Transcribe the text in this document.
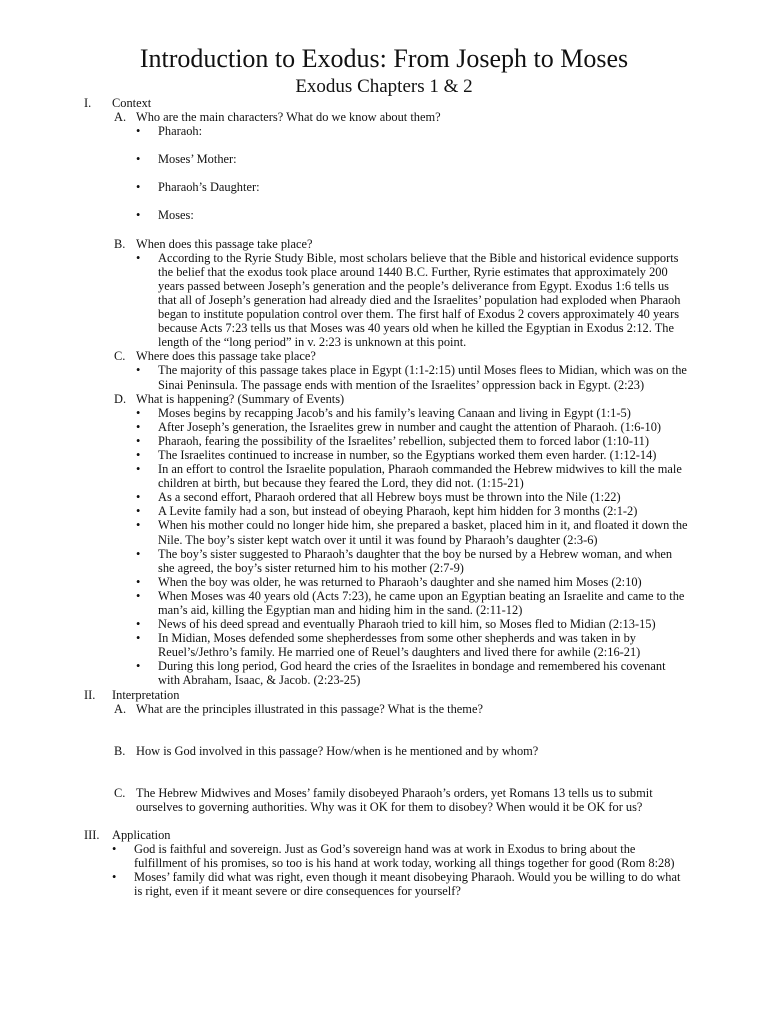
Introduction to Exodus: From Joseph to Moses
Exodus Chapters 1 & 2
I.	Context
A. Who are the main characters? What do we know about them?
• Pharaoh:
• Moses’ Mother:
• Pharaoh’s Daughter:
• Moses:
B. When does this passage take place?
• According to the Ryrie Study Bible, most scholars believe that the Bible and historical evidence supports the belief that the exodus took place around 1440 B.C. Further, Ryrie estimates that approximately 200 years passed between Joseph’s generation and the people’s deliverance from Egypt. Exodus 1:6 tells us that all of Joseph’s generation had already died and the Israelites’ population had exploded when Pharaoh began to institute population control over them. The first half of Exodus 2 covers approximately 40 years because Acts 7:23 tells us that Moses was 40 years old when he killed the Egyptian in Exodus 2:12. The length of the “long period” in v. 2:23 is unknown at this point.
C. Where does this passage take place?
• The majority of this passage takes place in Egypt (1:1-2:15) until Moses flees to Midian, which was on the Sinai Peninsula. The passage ends with mention of the Israelites’ oppression back in Egypt. (2:23)
D. What is happening? (Summary of Events)
• Moses begins by recapping Jacob’s and his family’s leaving Canaan and living in Egypt (1:1-5)
• After Joseph’s generation, the Israelites grew in number and caught the attention of Pharaoh. (1:6-10)
• Pharaoh, fearing the possibility of the Israelites’ rebellion, subjected them to forced labor (1:10-11)
• The Israelites continued to increase in number, so the Egyptians worked them even harder. (1:12-14)
• In an effort to control the Israelite population, Pharaoh commanded the Hebrew midwives to kill the male children at birth, but because they feared the Lord, they did not. (1:15-21)
• As a second effort, Pharaoh ordered that all Hebrew boys must be thrown into the Nile (1:22)
• A Levite family had a son, but instead of obeying Pharaoh, kept him hidden for 3 months (2:1-2)
• When his mother could no longer hide him, she prepared a basket, placed him in it, and floated it down the Nile. The boy’s sister kept watch over it until it was found by Pharaoh’s daughter (2:3-6)
• The boy’s sister suggested to Pharaoh’s daughter that the boy be nursed by a Hebrew woman, and when she agreed, the boy’s sister returned him to his mother (2:7-9)
• When the boy was older, he was returned to Pharaoh’s daughter and she named him Moses (2:10)
• When Moses was 40 years old (Acts 7:23), he came upon an Egyptian beating an Israelite and came to the man’s aid, killing the Egyptian man and hiding him in the sand. (2:11-12)
• News of his deed spread and eventually Pharaoh tried to kill him, so Moses fled to Midian (2:13-15)
• In Midian, Moses defended some shepherdesses from some other shepherds and was taken in by Reuel’s/Jethro’s family. He married one of Reuel’s daughters and lived there for awhile (2:16-21)
• During this long period, God heard the cries of the Israelites in bondage and remembered his covenant with Abraham, Isaac, & Jacob. (2:23-25)
II.	Interpretation
A. What are the principles illustrated in this passage? What is the theme?
B. How is God involved in this passage? How/when is he mentioned and by whom?
C. The Hebrew Midwives and Moses’ family disobeyed Pharaoh’s orders, yet Romans 13 tells us to submit ourselves to governing authorities. Why was it OK for them to disobey? When would it be OK for us?
III.	Application
• God is faithful and sovereign. Just as God’s sovereign hand was at work in Exodus to bring about the fulfillment of his promises, so too is his hand at work today, working all things together for good (Rom 8:28)
• Moses’ family did what was right, even though it meant disobeying Pharaoh. Would you be willing to do what is right, even if it meant severe or dire consequences for yourself?
